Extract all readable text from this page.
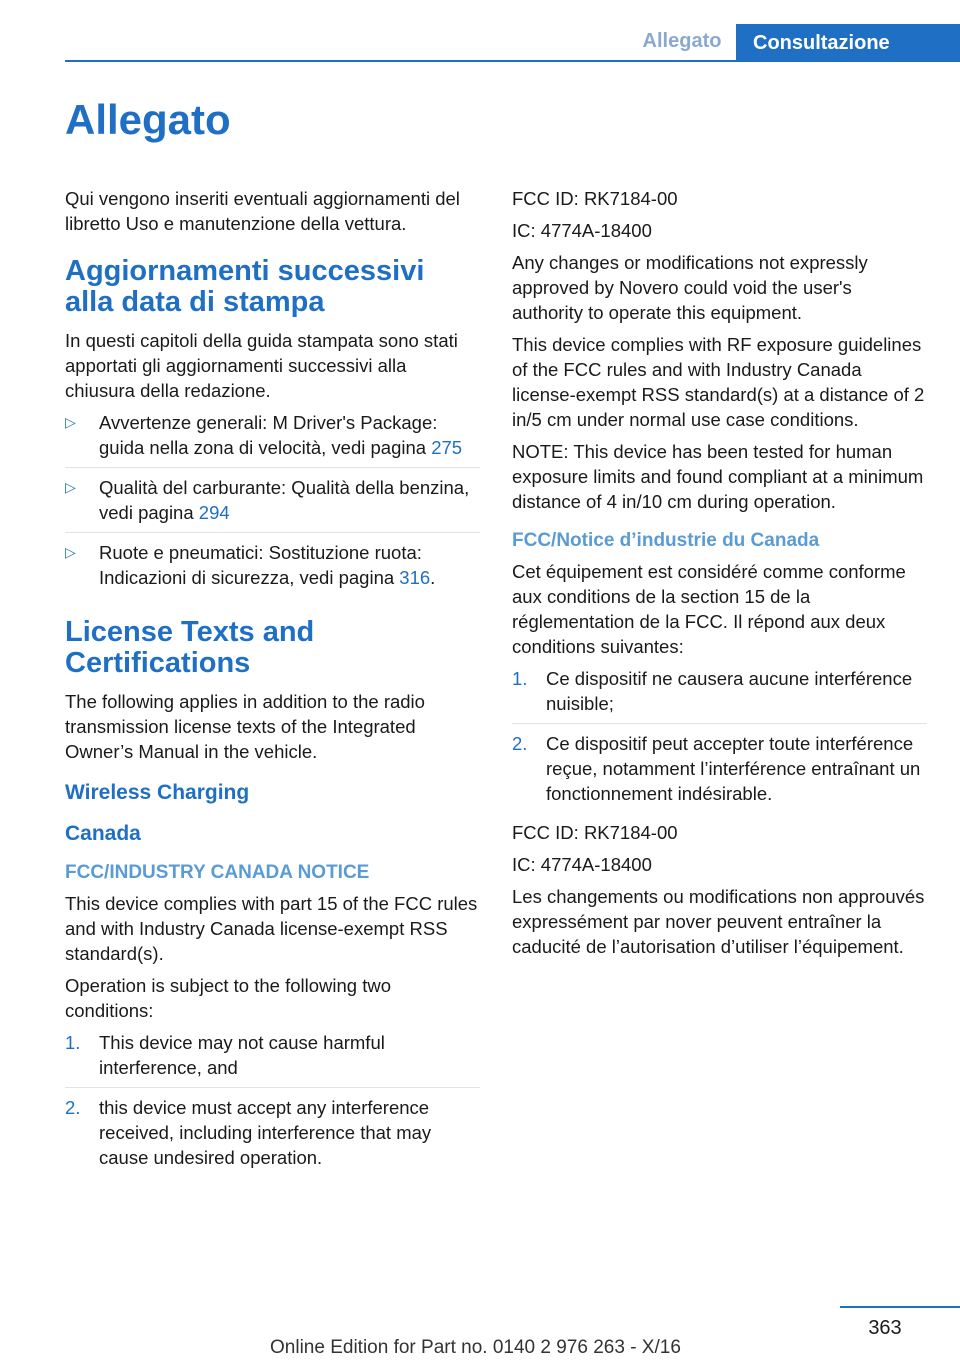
Allegato	Consultazione
Allegato

Qui vengono inseriti eventuali aggiornamenti del libretto Uso e manutenzione della vettura.

Aggiornamenti successivi alla data di stampa

In questi capitoli della guida stampata sono stati apportati gli aggiornamenti successivi alla chiusura della redazione.

▷ Avvertenze generali: M Driver's Package: guida nella zona di velocità, vedi pagina 275
▷ Qualità del carburante: Qualità della benzina, vedi pagina 294
▷ Ruote e pneumatici: Sostituzione ruota: Indicazioni di sicurezza, vedi pagina 316.
License Texts and Certifications

The following applies in addition to the radio transmission license texts of the Integrated Owner’s Manual in the vehicle.

Wireless Charging
Canada
FCC/INDUSTRY CANADA NOTICE

This device complies with part 15 of the FCC rules and with Industry Canada license-exempt RSS standard(s).

Operation is subject to the following two conditions:

1. This device may not cause harmful interference, and
2. this device must accept any interference received, including interference that may cause undesired operation.

FCC ID: RK7184-00

IC: 4774A-18400

Any changes or modifications not expressly approved by Novero could void the user's authority to operate this equipment.

This device complies with RF exposure guidelines of the FCC rules and with Industry Canada license-exempt RSS standard(s) at a distance of 2 in/5 cm under normal use case conditions.

NOTE: This device has been tested for human exposure limits and found compliant at a minimum distance of 4 in/10 cm during operation.

FCC/Notice d’industrie du Canada

Cet équipement est considéré comme conforme aux conditions de la section 15 de la réglementation de la FCC. Il répond aux deux conditions suivantes:

1. Ce dispositif ne causera aucune interférence nuisible;
2. Ce dispositif peut accepter toute interférence reçue, notamment l’interférence entraînant un fonctionnement indésirable.

FCC ID: RK7184-00

IC: 4774A-18400

Les changements ou modifications non approuvés expressément par nover peuvent entraîner la caducité de l’autorisation d’utiliser l’équipement.

363
Online Edition for Part no. 0140 2 976 263 - X/16
